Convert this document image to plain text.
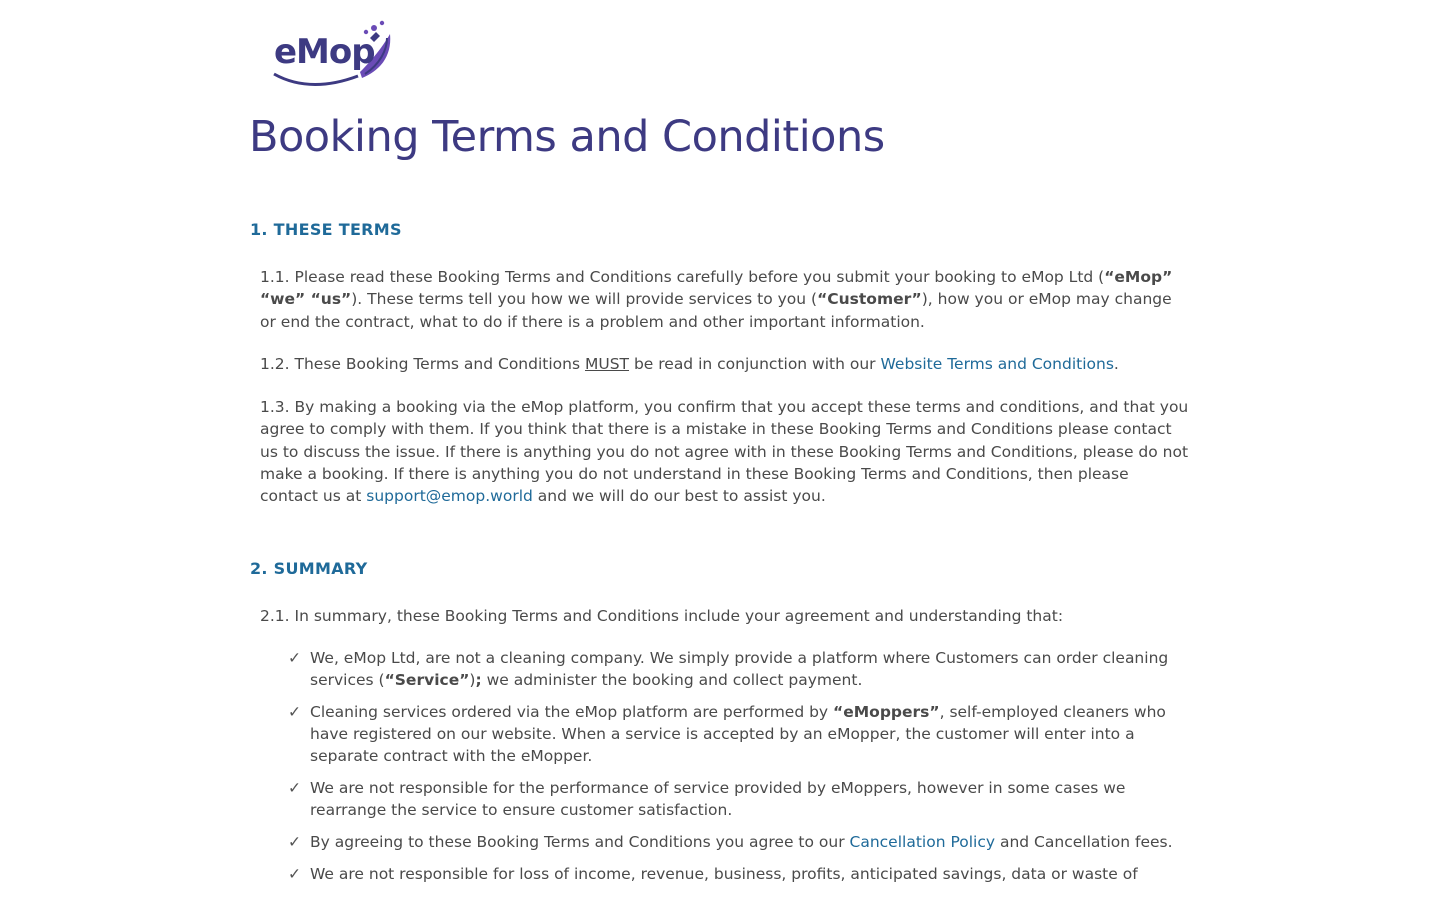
eMop
Booking Terms and Conditions
1. THESE TERMS

1.1. Please read these Booking Terms and Conditions carefully before you submit your booking to eMop Ltd (“eMop” “we” “us”). These terms tell you how we will provide services to you (“Customer”), how you or eMop may change or end the contract, what to do if there is a problem and other important information.

1.2. These Booking Terms and Conditions MUST be read in conjunction with our Website Terms and Conditions.

1.3. By making a booking via the eMop platform, you confirm that you accept these terms and conditions, and that you agree to comply with them. If you think that there is a mistake in these Booking Terms and Conditions please contact us to discuss the issue. If there is anything you do not agree with in these Booking Terms and Conditions, please do not make a booking. If there is anything you do not understand in these Booking Terms and Conditions, then please contact us at support@emop.world and we will do our best to assist you.

2. SUMMARY

2.1. In summary, these Booking Terms and Conditions include your agreement and understanding that:

✓ We, eMop Ltd, are not a cleaning company. We simply provide a platform where Customers can order cleaning services (“Service”); we administer the booking and collect payment.
✓ Cleaning services ordered via the eMop platform are performed by “eMoppers”, self-employed cleaners who have registered on our website. When a service is accepted by an eMopper, the customer will enter into a separate contract with the eMopper.
✓ We are not responsible for the performance of service provided by eMoppers, however in some cases we rearrange the service to ensure customer satisfaction.
✓ By agreeing to these Booking Terms and Conditions you agree to our Cancellation Policy and Cancellation fees.
✓ We are not responsible for loss of income, revenue, business, profits, anticipated savings, data or waste of
